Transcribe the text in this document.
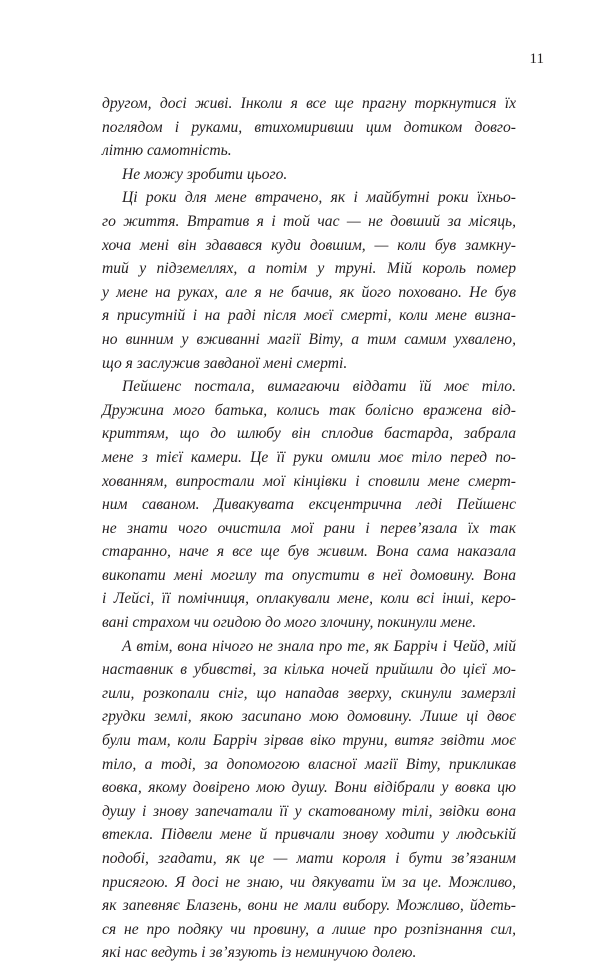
11
другом, досі живі. Інколи я все ще прагну торкнутися їх
поглядом і руками, втихомиривши цим дотиком довго-
літню самотність.
Не можу зробити цього.
Ці роки для мене втрачено, як і майбутні роки їхньо-
го життя. Втратив я і той час — не довший за місяць,
хоча мені він здавався куди довшим, — коли був замкну-
тий у підземеллях, а потім у труні. Мій король помер
у мене на руках, але я не бачив, як його поховано. Не був
я присутній і на раді після моєї смерті, коли мене визна-
но винним у вживанні магії Віту, а тим самим ухвалено,
що я заслужив завданої мені смерті.
Пейшенс постала, вимагаючи віддати їй моє тіло.
Дружина мого батька, колись так болісно вражена від-
криттям, що до шлюбу він сплодив бастарда, забрала
мене з тієї камери. Це її руки омили моє тіло перед по-
хованням, випростали мої кінцівки і сповили мене смерт-
ним саваном. Дивакувата ексцентрична леді Пейшенс
не знати чого очистила мої рани і перев’язала їх так
старанно, наче я все ще був живим. Вона сама наказала
викопати мені могилу та опустити в неї домовину. Вона
і Лейсі, її помічниця, оплакували мене, коли всі інші, керо-
вані страхом чи огидою до мого злочину, покинули мене.
А втім, вона нічого не знала про те, як Барріч і Чейд, мій
наставник в убивстві, за кілька ночей прийшли до цієї мо-
гили, розкопали сніг, що нападав зверху, скинули замерзлі
грудки землі, якою засипано мою домовину. Лише ці двоє
були там, коли Барріч зірвав віко труни, витяг звідти моє
тіло, а тоді, за допомогою власної магії Віту, прикликав
вовка, якому довірено мою душу. Вони відібрали у вовка цю
душу і знову запечатали її у скатованому тілі, звідки вона
втекла. Підвели мене й привчали знову ходити у людській
подобі, згадати, як це — мати короля і бути зв’язаним
присягою. Я досі не знаю, чи дякувати їм за це. Можливо,
як запевняє Блазень, вони не мали вибору. Можливо, йдеть-
ся не про подяку чи провину, а лише про розпізнання сил,
які нас ведуть і зв’язують із неминучою долею.
